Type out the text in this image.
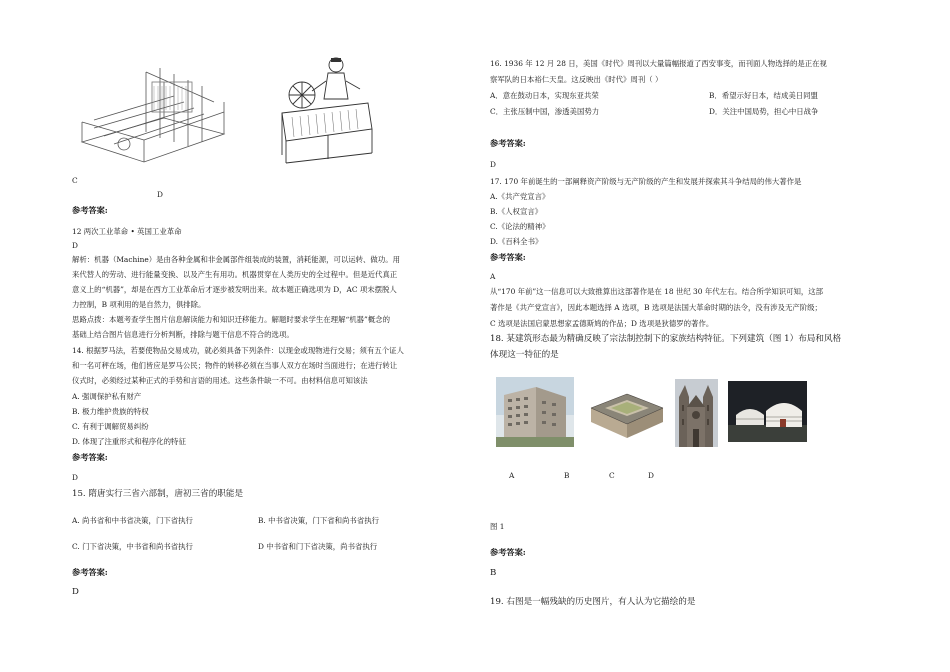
C
D
参考答案:
12 两次工业革命 • 英国工业革命
D
解析：机器（Machine）是由各种金属和非金属部件组装成的装置，消耗能源，可以运转、做功。用
来代替人的劳动、进行能量变换、以及产生有用功。机器贯穿在人类历史的全过程中。但是近代真正
意义上的“机器”，却是在西方工业革命后才逐步被发明出来。故本题正确选项为 D，AC 项未摆脱人
力控制，B 项利用的是自然力，俱排除。
思路点拨：本题考查学生图片信息解读能力和知识迁移能力。解题时要求学生在理解“机器”概念的
基础上结合图片信息进行分析判断，排除与题干信息不符合的选项。
14. 根据罗马法，若要使物品交易成功，就必须具备下列条件：以现金或现物进行交易；须有五个证人
和一名可秤在场，他们皆应是罗马公民；物件的转移必须在当事人双方在场时当面进行；在进行转让
仪式时，必须经过某种正式的手势和言语的用述。这些条件缺一不可。由材料信息可知该法
A. 强调保护私有财产
B. 极力维护贵族的特权
C. 有利于调解贸易纠纷
D. 体现了注重形式和程序化的特征
参考答案:
D
15. 隋唐实行三省六部制，唐初三省的职能是
A. 尚书省和中书省决策，门下省执行	B. 中书省决策，门下省和尚书省执行
C. 门下省决策，中书省和尚书省执行	D 中书省和门下省决策，尚书省执行
参考答案:
D
16. 1936 年 12 月 28 日，美国《时代》周刊以大量篇幅报道了西安事变，而刊面人物选择的是正在视
察军队的日本裕仁天皇。这反映出《时代》周刊（ ）
A．意在鼓动日本，实现东亚共荣	B．希望示好日本，结成美日同盟
C．主张压制中国，渗透美国势力	D．关注中国局势，担心中日战争
参考答案:
D
17. 170 年前诞生的一部阐释资产阶级与无产阶级的产生和发展并探索其斗争结局的伟大著作是
A.《共产党宣言》
B.《人权宣言》
C.《论法的精神》
D.《百科全书》
参考答案:
A
从“170 年前”这一信息可以大致推算出这部著作是在 18 世纪 30 年代左右。结合所学知识可知，这部
著作是《共产党宣言》，因此本题选择 A 选项，B 选项是法国大革命时期的法令，没有涉及无产阶级；
C 选项是法国启蒙思想家孟德斯鸠的作品；D 选项是狄德罗的著作。
18. 某建筑形态最为精确反映了宗法制控制下的家族结构特征。下列建筑（图 1）布局和风格
体现这一特征的是
A	B	C	D
图 1
参考答案:
B
19. 右图是一幅残缺的历史图片，有人认为它描绘的是
